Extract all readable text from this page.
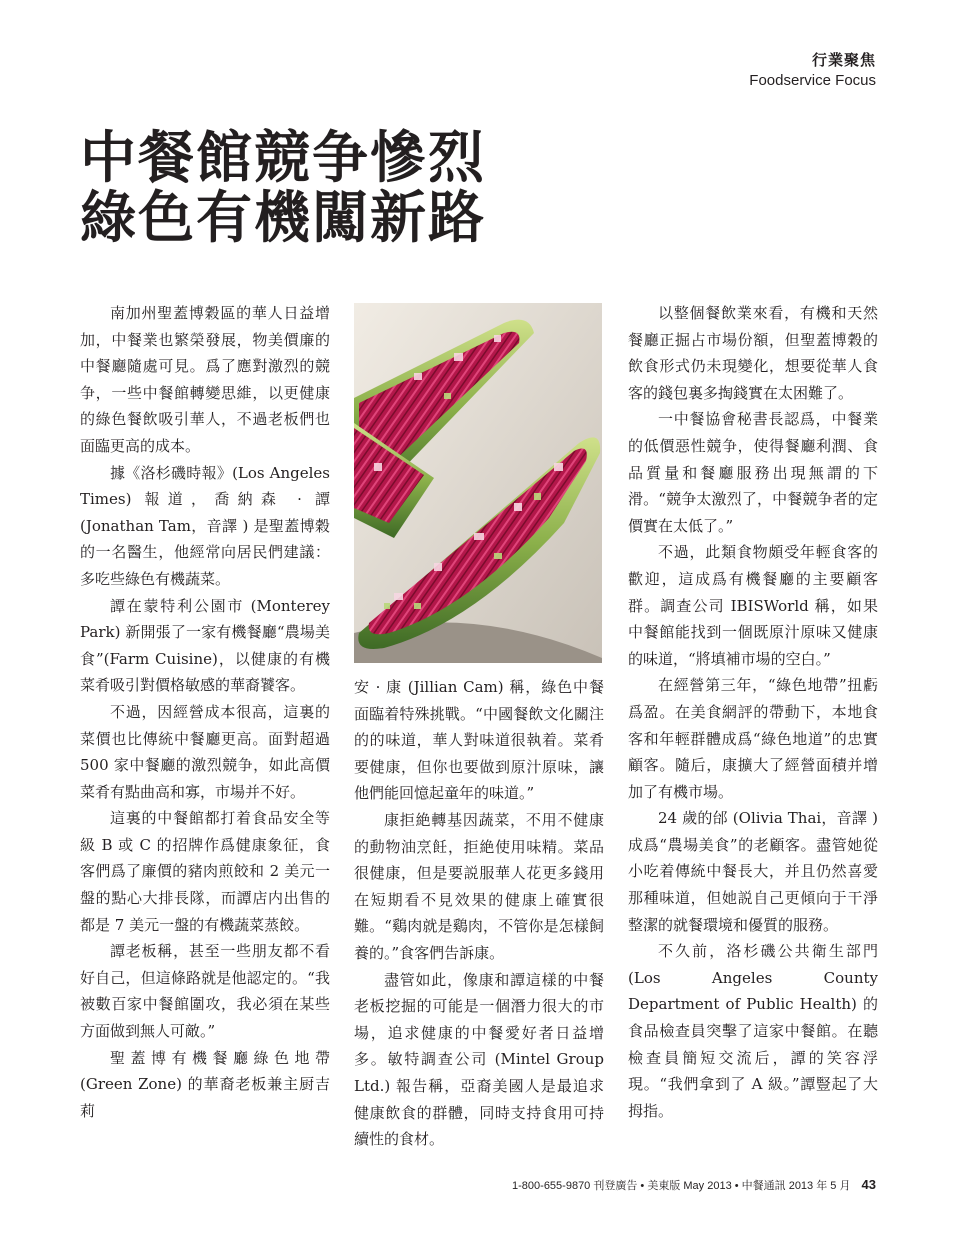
行業聚焦
Foodservice Focus
中餐館競争慘烈
綠色有機闖新路

南加州聖蓋博穀區的華人日益增加，中餐業也繁榮發展，物美價廉的中餐廳隨處可見。爲了應對激烈的競争，一些中餐館轉變思維，以更健康的綠色餐飲吸引華人，不過老板們也面臨更高的成本。

據《洛杉磯時報》(Los Angeles Times) 報道，喬納森 · 譚 (Jonathan Tam，音譯 ) 是聖蓋博穀的一名醫生，他經常向居民們建議：多吃些綠色有機蔬菜。

譚在蒙特利公園市 (Monterey Park) 新開張了一家有機餐廳“農場美食”(Farm Cuisine)，以健康的有機菜肴吸引對價格敏感的華裔饕客。

不過，因經營成本很高，這裏的菜價也比傳統中餐廳更高。面對超過 500 家中餐廳的激烈競争，如此高價菜肴有點曲高和寡，市場并不好。

這裏的中餐館都打着食品安全等級 B 或 C 的招牌作爲健康象征，食客們爲了廉價的豬肉煎餃和 2 美元一盤的點心大排長隊，而譚店内出售的都是 7 美元一盤的有機蔬菜蒸餃。

譚老板稱，甚至一些朋友都不看好自己，但這條路就是他認定的。“我被數百家中餐館圍攻，我必須在某些方面做到無人可敵。”

聖蓋博有機餐廳綠色地帶 (Green Zone) 的華裔老板兼主厨吉莉

安 · 康 (Jillian Cam) 稱，綠色中餐面臨着特殊挑戰。“中國餐飲文化關注的的味道，華人對味道很執着。菜肴要健康，但你也要做到原汁原味，讓他們能回憶起童年的味道。”

康拒絶轉基因蔬菜，不用不健康的動物油烹飪，拒絶使用味精。菜品很健康，但是要説服華人花更多錢用在短期看不見效果的健康上確實很難。“鷄肉就是鷄肉，不管你是怎樣飼養的。”食客們告訴康。

盡管如此，像康和譚這樣的中餐老板挖掘的可能是一個潛力很大的市場，追求健康的中餐愛好者日益增多。敏特調查公司 (Mintel Group Ltd.) 報告稱，亞裔美國人是最追求健康飲食的群體，同時支持食用可持續性的食材。

以整個餐飲業來看，有機和天然餐廳正掘占市場份額，但聖蓋博穀的飲食形式仍未現變化，想要從華人食客的錢包裏多掏錢實在太困難了。

一中餐協會秘書長認爲，中餐業的低價惡性競争，使得餐廳利潤、食品質量和餐廳服務出現無謂的下滑。“競争太激烈了，中餐競争者的定價實在太低了。”

不過，此類食物頗受年輕食客的歡迎，這成爲有機餐廳的主要顧客群。調查公司 IBISWorld 稱，如果中餐館能找到一個既原汁原味又健康的味道，“將填補市場的空白。”

在經營第三年，“綠色地帶”扭虧爲盈。在美食網評的帶動下，本地食客和年輕群體成爲“綠色地道”的忠實顧客。隨后，康擴大了經營面積并增加了有機市場。

24 歲的邰 (Olivia Thai，音譯 ) 成爲“農場美食”的老顧客。盡管她從小吃着傳統中餐長大，并且仍然喜愛那種味道，但她説自己更傾向于干淨整潔的就餐環境和優質的服務。

不久前，洛杉磯公共衛生部門 (Los Angeles County Department of Public Health) 的食品檢查員突擊了這家中餐館。在聽檢查員簡短交流后，譚的笑容浮現。“我們拿到了 A 級。”譚豎起了大拇指。

1-800-655-9870 刊登廣告 • 美東版 May 2013 • 中餐通訊 2013 年 5 月 43
